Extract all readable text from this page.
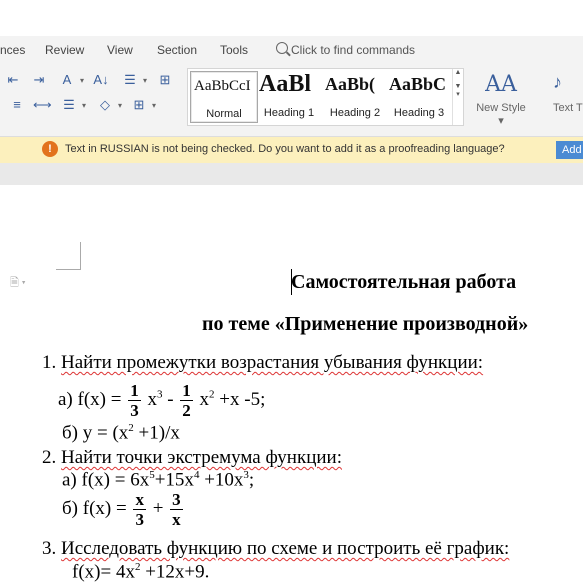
nces Review View Section Tools	Click to find commands
⇤ ⇥	A ▾	A↓ ☰ ▾ ⊞
≡ ⟷ ☰ ▾	◇ ▾	⊞ ▾
AaBbCcI
Normal
AaBl
Heading 1
AaBb(
Heading 2
AaBbC
Heading 3
▲

▼
▾	AA
New Style ▾
♪
Text T
!	Text in RUSSIAN is not being checked. Do you want to add it as a proofreading language?	Add
🗎 ▾	Самостоятельная работа
по теме «Применение производной»
1. Найти промежутки возрастания убывания функции:
а) $f(x) = \frac{1}{3} x^3 - \frac{1}{2} x^2 +x$ -5;
б) $y = (x^2 +1)/x$
2. Найти точки экстремума функции:
а) $f(x) = 6x^5+15x^4 +10x^3$;
б) $f(x) = \frac{x}{3} + \frac{3}{x}$
3. Исследовать функцию по схеме и построить её график:
$f(x)= 4x^2 +12x+9$.
